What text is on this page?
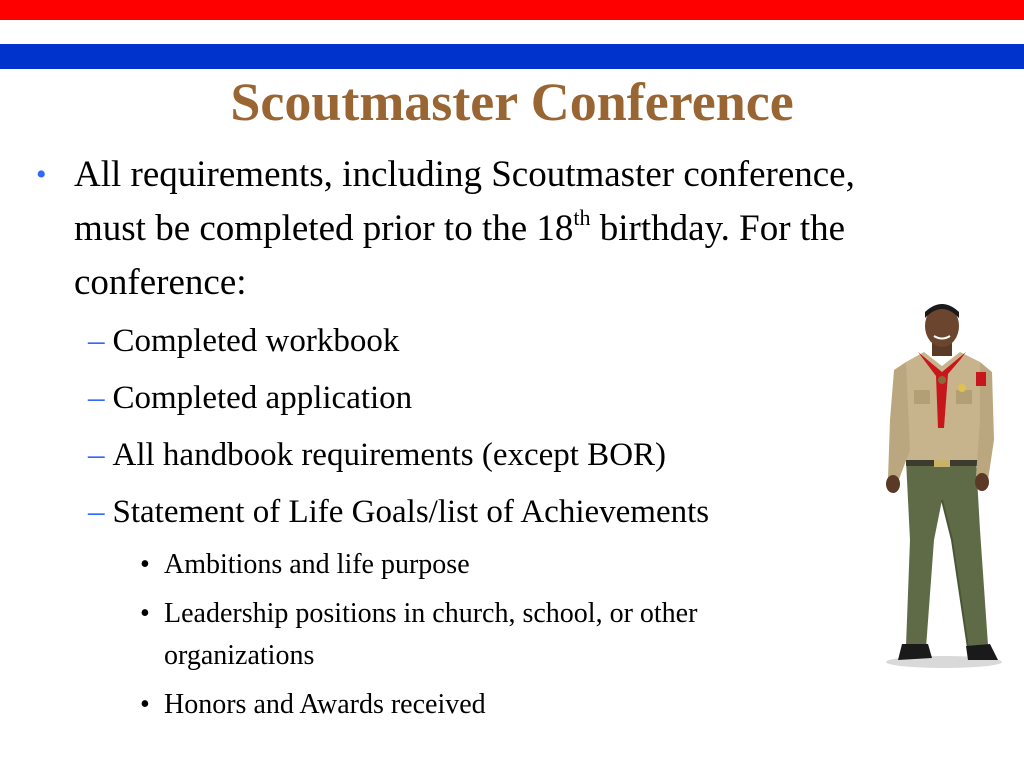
Scoutmaster Conference
• All requirements, including Scoutmaster conference, must be completed prior to the 18th birthday. For the conference:
– Completed workbook
– Completed application
– All handbook requirements (except BOR)
– Statement of Life Goals/list of Achievements
• Ambitions and life purpose
• Leadership positions in church, school, or other organizations
• Honors and Awards received
